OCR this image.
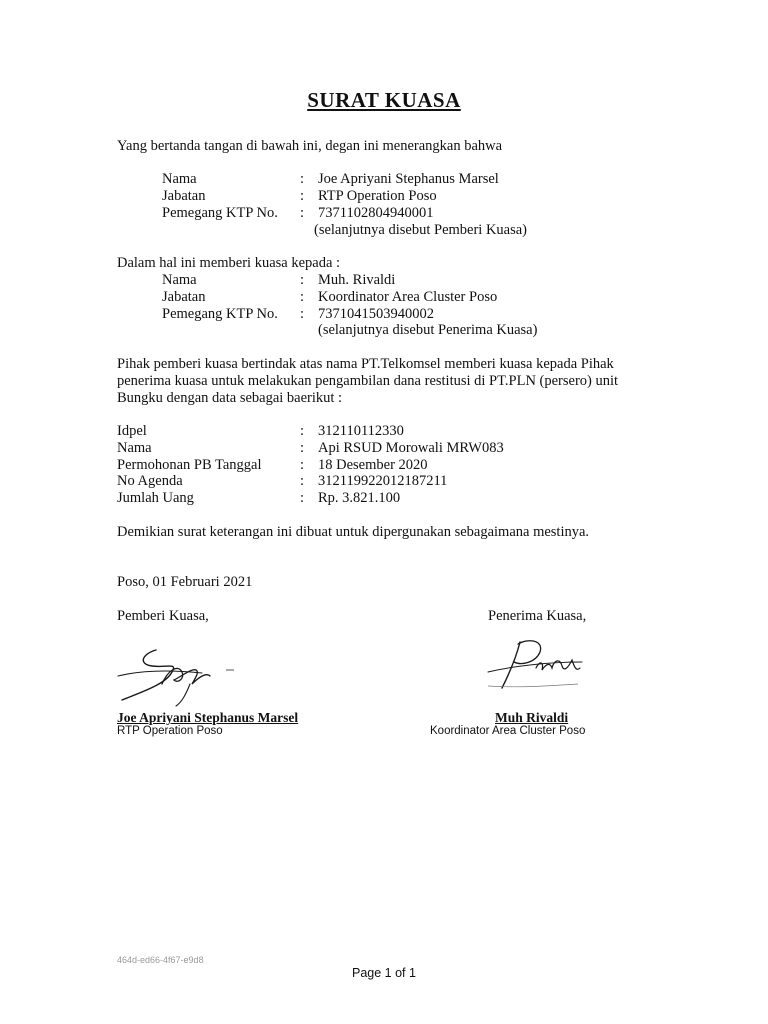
SURAT KUASA
Yang bertanda tangan di bawah ini, degan ini menerangkan bahwa
Nama	: Joe Apriyani Stephanus Marsel
Jabatan	: RTP Operation Poso
Pemegang KTP No. : 7371102804940001
(selanjutnya disebut Pemberi Kuasa)
Dalam hal ini memberi kuasa kepada :
Nama	: Muh. Rivaldi
Jabatan	: Koordinator Area Cluster Poso
Pemegang KTP No. : 7371041503940002
(selanjutnya disebut Penerima Kuasa)
Pihak pemberi kuasa bertindak atas nama PT.Telkomsel memberi kuasa kepada Pihak penerima kuasa untuk melakukan pengambilan dana restitusi di PT.PLN (persero) unit Bungku dengan data sebagai baerikut :
Idpel	: 312110112330
Nama	: Api RSUD Morowali MRW083
Permohonan PB Tanggal	: 18 Desember 2020
No Agenda	: 312119922012187211
Jumlah Uang	: Rp. 3.821.100
Demikian surat keterangan ini dibuat untuk dipergunakan sebagaimana mestinya.
Poso, 01 Februari 2021
Pemberi Kuasa,	Penerima Kuasa,
Joe Apriyani Stephanus Marsel
RTP Operation Poso
Muh Rivaldi
Koordinator Area Cluster Poso
464d-ed66-4f67-e9d8
Page 1 of 1
